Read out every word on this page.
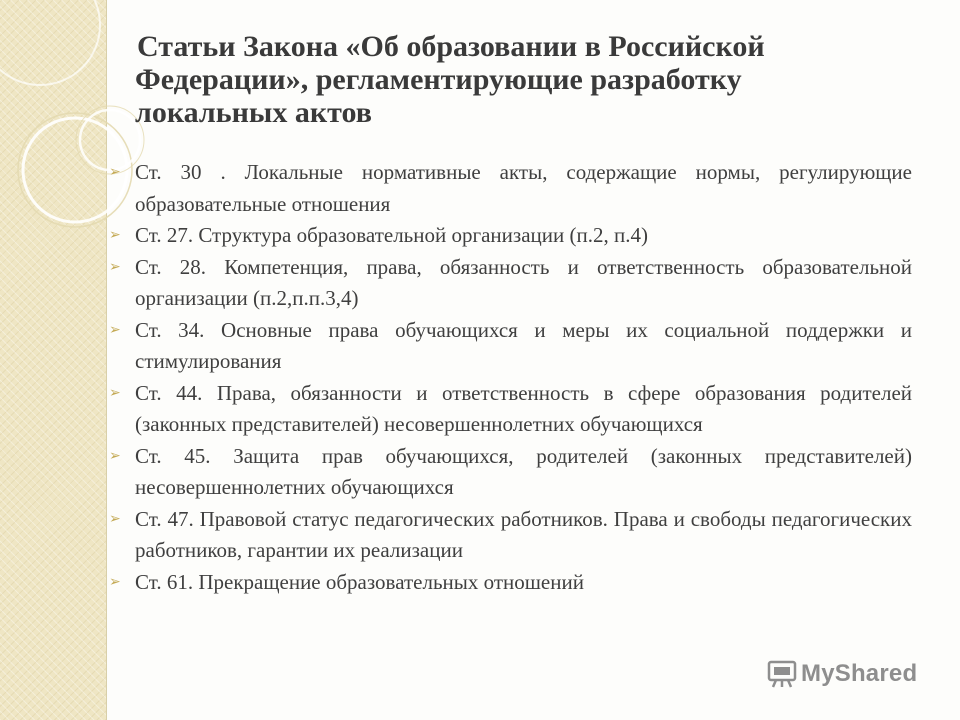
Статьи Закона «Об образовании в Российской
Федерации», регламентирующие разработку
локальных актов
➢ Ст. 30 . Локальные нормативные акты, содержащие нормы, регулирующие образовательные отношения
➢ Ст. 27. Структура образовательной организации (п.2, п.4)
➢ Ст. 28. Компетенция, права, обязанность и ответственность образовательной организации (п.2,п.п.3,4)
➢ Ст. 34. Основные права обучающихся и меры их социальной поддержки и стимулирования
➢ Ст. 44. Права, обязанности и ответственность в сфере образования родителей (законных представителей) несовершеннолетних обучающихся
➢ Ст. 45. Защита прав обучающихся, родителей (законных представителей) несовершеннолетних обучающихся
➢ Ст. 47. Правовой статус педагогических работников. Права и свободы педагогических работников, гарантии их реализации
➢ Ст. 61. Прекращение образовательных отношений
MyShared
